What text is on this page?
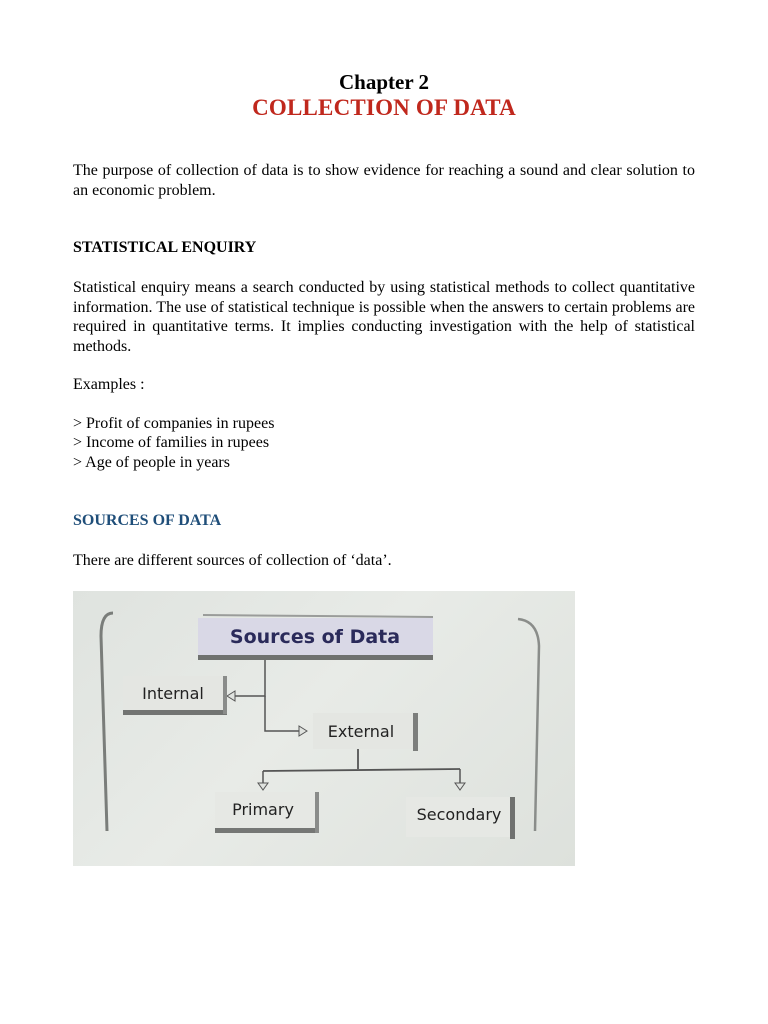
Chapter 2
COLLECTION OF DATA

The purpose of collection of data is to show evidence for reaching a sound and clear solution to an economic problem.

STATISTICAL ENQUIRY

Statistical enquiry means a search conducted by using statistical methods to collect quantitative information. The use of statistical technique is possible when the answers to certain problems are required in quantitative terms. It implies conducting investigation with the help of statistical methods.

Examples :

> Profit of companies in rupees

> Income of families in rupees

> Age of people in years

SOURCES OF DATA

There are different sources of collection of ‘data’.

Sources of Data
Internal
External
Primary	Secondary
